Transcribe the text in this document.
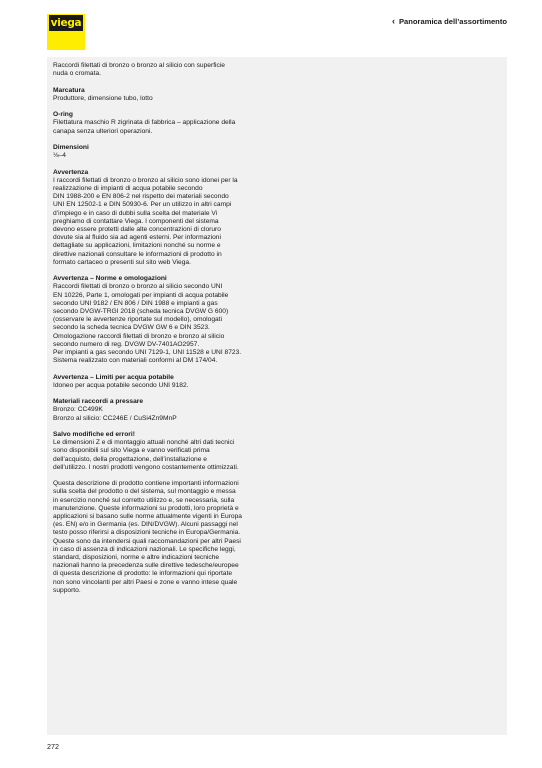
viega	‹ Panoramica dell’assortimento
Raccordi filettati di bronzo o bronzo al silicio con superficie
nuda o cromata.
Marcatura
Produttore, dimensione tubo, lotto
O-ring
Filettatura maschio R zigrinata di fabbrica – applicazione della
canapa senza ulteriori operazioni.
Dimensioni
⅛–4
Avvertenza
I raccordi filettati di bronzo o bronzo al silicio sono idonei per la
realizzazione di impianti di acqua potabile secondo
DIN 1988-200 e EN 806-2 nel rispetto dei materiali secondo
UNI EN 12502-1 e DIN 50930-6. Per un utilizzo in altri campi
d’impiego e in caso di dubbi sulla scelta del materiale Vi
preghiamo di contattare Viega. I componenti del sistema
devono essere protetti dalle alte concentrazioni di cloruro
dovute sia al fluido sia ad agenti esterni. Per informazioni
dettagliate su applicazioni, limitazioni nonché su norme e
direttive nazionali consultare le informazioni di prodotto in
formato cartaceo o presenti sul sito web Viega.
Avvertenza – Norme e omologazioni
Raccordi filettati di bronzo o bronzo al silicio secondo UNI
EN 10226, Parte 1, omologati per impianti di acqua potabile
secondo UNI 9182 / EN 806 / DIN 1988 e impianti a gas
secondo DVGW-TRGI 2018 (scheda tecnica DVGW G 600)
(osservare le avvertenze riportate sul modello), omologati
secondo la scheda tecnica DVGW GW 6 e DIN 3523.
Omologazione raccordi filettati di bronzo e bronzo al silicio
secondo numero di reg. DVGW DV-7401AO2957.
Per impianti a gas secondo UNI 7129-1, UNI 11528 e UNI 8723.
Sistema realizzato con materiali conformi al DM 174/04.
Avvertenza – Limiti per acqua potabile
Idoneo per acqua potabile secondo UNI 9182.
Materiali raccordi a pressare
Bronzo: CC499K
Bronzo al silicio: CC246E / CuSi4Zn9MnP
Salvo modifiche ed errori!
Le dimensioni Z e di montaggio attuali nonché altri dati tecnici
sono disponibili sul sito Viega e vanno verificati prima
dell’acquisto, della progettazione, dell’installazione e
dell’utilizzo. I nostri prodotti vengono costantemente ottimizzati.
Questa descrizione di prodotto contiene importanti informazioni
sulla scelta del prodotto o del sistema, sul montaggio e messa
in esercizio nonché sul corretto utilizzo e, se necessaria, sulla
manutenzione. Queste informazioni su prodotti, loro proprietà e
applicazioni si basano sulle norme attualmente vigenti in Europa
(es. EN) e/o in Germania (es. DIN/DVGW). Alcuni passaggi nel
testo posso riferirsi a disposizioni tecniche in Europa/Germania.
Queste sono da intendersi quali raccomandazioni per altri Paesi
in caso di assenza di indicazioni nazionali. Le specifiche leggi,
standard, disposizioni, norme e altre indicazioni tecniche
nazionali hanno la precedenza sulle direttive tedesche/europee
di questa descrizione di prodotto: le informazioni qui riportate
non sono vincolanti per altri Paesi e zone e vanno intese quale
supporto.
272
